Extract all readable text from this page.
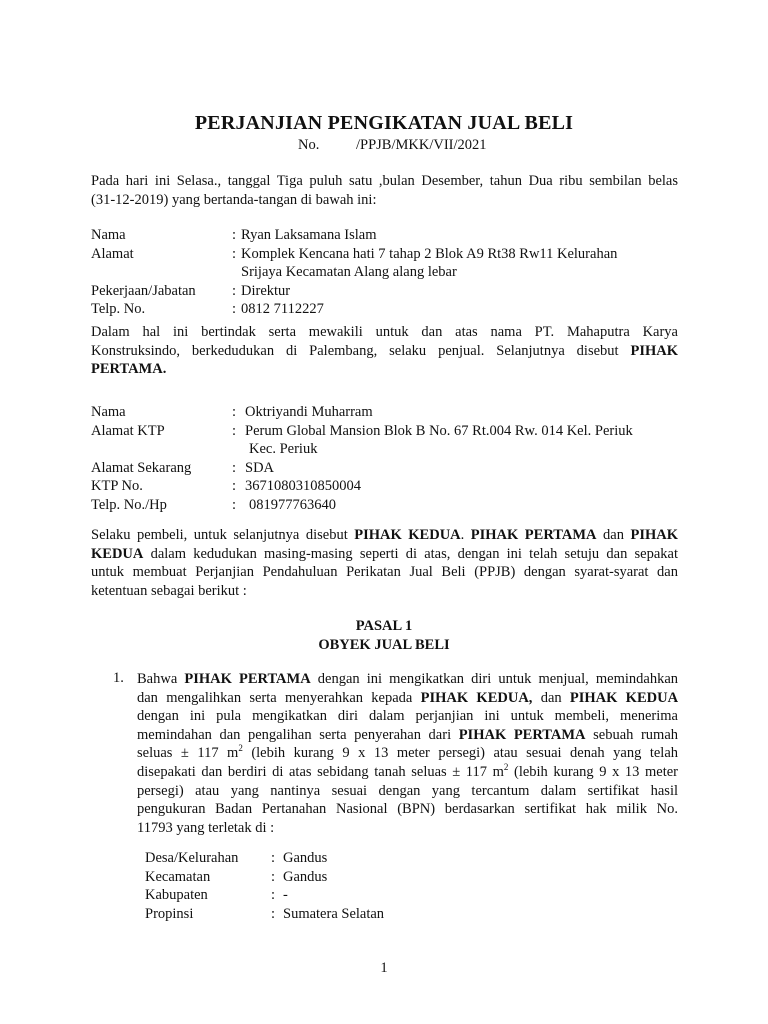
PERJANJIAN PENGIKATAN JUAL BELI
No.	/PPJB/MKK/VII/2021
Pada hari ini Selasa., tanggal Tiga puluh satu ,bulan Desember, tahun Dua ribu sembilan belas
(31-12-2019) yang bertanda-tangan di bawah ini:
Nama	: Ryan Laksamana Islam
Alamat	: Komplek Kencana hati 7 tahap 2 Blok A9 Rt38 Rw11 Kelurahan
Srijaya Kecamatan Alang alang lebar
Pekerjaan/Jabatan	: Direktur
Telp. No.	: 0812 7112227
Dalam hal ini bertindak serta mewakili untuk dan atas nama PT. Mahaputra Karya
Konstruksindo, berkedudukan di Palembang, selaku penjual. Selanjutnya disebut PIHAK
PERTAMA.
Nama	: Oktriyandi Muharram
Alamat KTP	: Perum Global Mansion Blok B No. 67 Rt.004 Rw. 014 Kel. Periuk
Kec. Periuk
Alamat Sekarang	: SDA
KTP No.	: 3671080310850004
Telp. No./Hp	: 081977763640
Selaku pembeli, untuk selanjutnya disebut PIHAK KEDUA. PIHAK PERTAMA dan PIHAK
KEDUA dalam kedudukan masing-masing seperti di atas, dengan ini telah setuju dan sepakat
untuk membuat Perjanjian Pendahuluan Perikatan Jual Beli (PPJB) dengan syarat-syarat dan
ketentuan sebagai berikut :
PASAL 1
OBYEK JUAL BELI
1. Bahwa PIHAK PERTAMA dengan ini mengikatkan diri untuk menjual, memindahkan
dan mengalihkan serta menyerahkan kepada PIHAK KEDUA, dan PIHAK KEDUA
dengan ini pula mengikatkan diri dalam perjanjian ini untuk membeli, menerima
memindahan dan pengalihan serta penyerahan dari PIHAK PERTAMA sebuah rumah
seluas ± 117 $m^2$ (lebih kurang 9 x 13 meter persegi) atau sesuai denah yang telah
disepakati dan berdiri di atas sebidang tanah seluas ± 117 $m^2$ (lebih kurang 9 x 13 meter
persegi) atau yang nantinya sesuai dengan yang tercantum dalam sertifikat hasil
pengukuran Badan Pertanahan Nasional (BPN) berdasarkan sertifikat hak milik No.
11793 yang terletak di :
Desa/Kelurahan : Gandus
Kecamatan	: Gandus
Kabupaten	: -
Propinsi	: Sumatera Selatan
1
